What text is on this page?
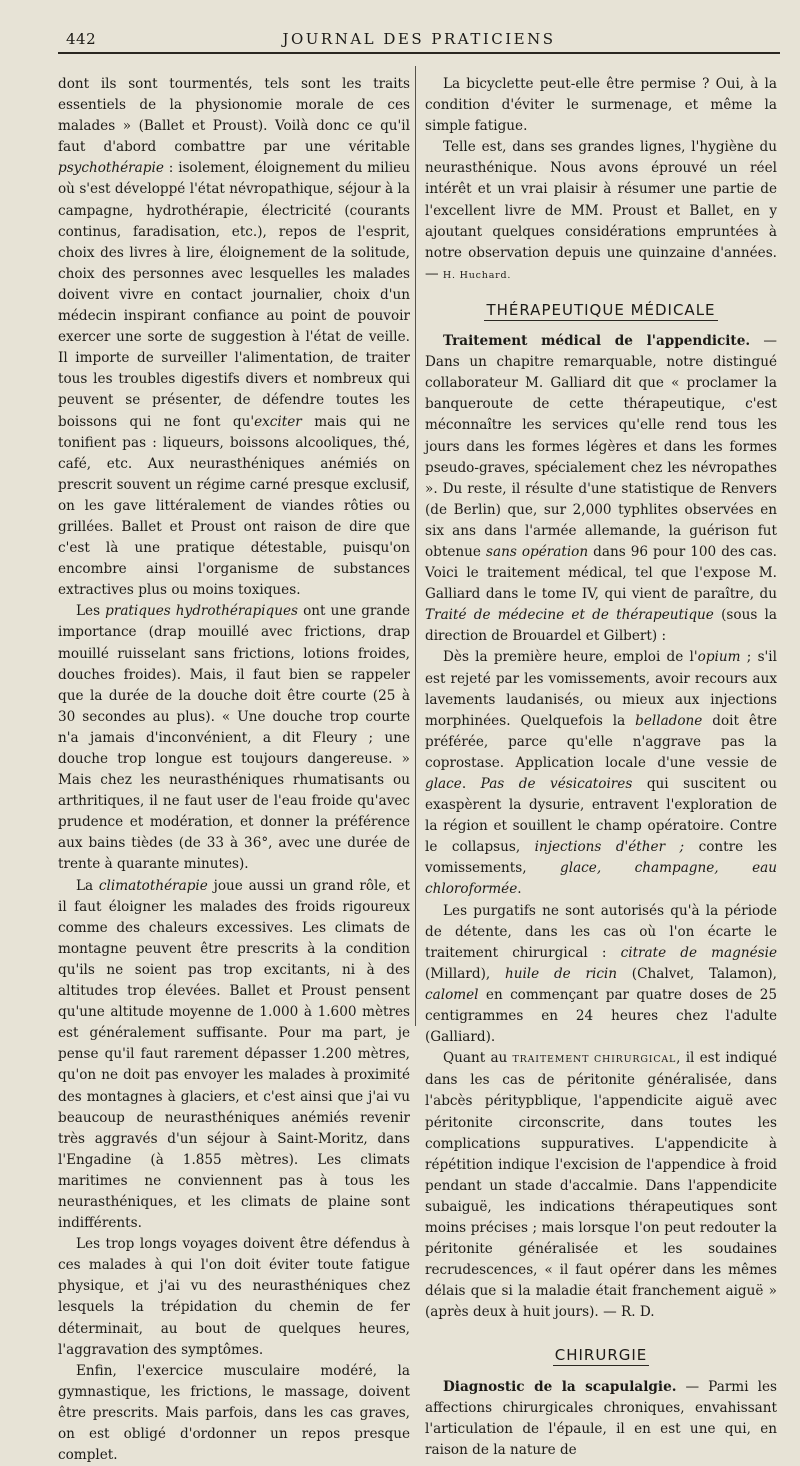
442	JOURNAL DES PRATICIENS

dont ils sont tourmentés, tels sont les traits essentiels de la physionomie morale de ces malades » (Ballet et Proust). Voilà donc ce qu'il faut d'abord combattre par une véritable psychothérapie : isolement, éloignement du milieu où s'est développé l'état névropathique, séjour à la campagne, hydrothérapie, électricité (courants continus, faradisation, etc.), repos de l'esprit, choix des livres à lire, éloignement de la solitude, choix des personnes avec lesquelles les malades doivent vivre en contact journalier, choix d'un médecin inspirant confiance au point de pouvoir exercer une sorte de suggestion à l'état de veille. Il importe de surveiller l'alimentation, de traiter tous les troubles digestifs divers et nombreux qui peuvent se présenter, de défendre toutes les boissons qui ne font qu'exciter mais qui ne tonifient pas : liqueurs, boissons alcooliques, thé, café, etc. Aux neurasthéniques anémiés on prescrit souvent un régime carné presque exclusif, on les gave littéralement de viandes rôties ou grillées. Ballet et Proust ont raison de dire que c'est là une pratique détestable, puisqu'on encombre ainsi l'organisme de substances extractives plus ou moins toxiques.

Les pratiques hydrothérapiques ont une grande importance (drap mouillé avec frictions, drap mouillé ruisselant sans frictions, lotions froides, douches froides). Mais, il faut bien se rappeler que la durée de la douche doit être courte (25 à 30 secondes au plus). « Une douche trop courte n'a jamais d'inconvénient, a dit Fleury ; une douche trop longue est toujours dangereuse. » Mais chez les neurasthéniques rhumatisants ou arthritiques, il ne faut user de l'eau froide qu'avec prudence et modération, et donner la préférence aux bains tièdes (de 33 à 36°, avec une durée de trente à quarante minutes).

La climatothérapie joue aussi un grand rôle, et il faut éloigner les malades des froids rigoureux comme des chaleurs excessives. Les climats de montagne peuvent être prescrits à la condition qu'ils ne soient pas trop excitants, ni à des altitudes trop élevées. Ballet et Proust pensent qu'une altitude moyenne de 1.000 à 1.600 mètres est généralement suffisante. Pour ma part, je pense qu'il faut rarement dépasser 1.200 mètres, qu'on ne doit pas envoyer les malades à proximité des montagnes à glaciers, et c'est ainsi que j'ai vu beaucoup de neurasthéniques anémiés revenir très aggravés d'un séjour à Saint-Moritz, dans l'Engadine (à 1.855 mètres). Les climats maritimes ne conviennent pas à tous les neurasthéniques, et les climats de plaine sont indifférents.

Les trop longs voyages doivent être défendus à ces malades à qui l'on doit éviter toute fatigue physique, et j'ai vu des neurasthéniques chez lesquels la trépidation du chemin de fer déterminait, au bout de quelques heures, l'aggravation des symptômes.

Enfin, l'exercice musculaire modéré, la gymnastique, les frictions, le massage, doivent être prescrits. Mais parfois, dans les cas graves, on est obligé d'ordonner un repos presque complet.

La bicyclette peut-elle être permise ? Oui, à la condition d'éviter le surmenage, et même la simple fatigue.

Telle est, dans ses grandes lignes, l'hygiène du neurasthénique. Nous avons éprouvé un réel intérêt et un vrai plaisir à résumer une partie de l'excellent livre de MM. Proust et Ballet, en y ajoutant quelques considérations empruntées à notre observation depuis une quinzaine d'années. — H. Huchard.

THÉRAPEUTIQUE MÉDICALE

Traitement médical de l'appendicite. — Dans un chapitre remarquable, notre distingué collaborateur M. Galliard dit que « proclamer la banqueroute de cette thérapeutique, c'est méconnaître les services qu'elle rend tous les jours dans les formes légères et dans les formes pseudo-graves, spécialement chez les névropathes ». Du reste, il résulte d'une statistique de Renvers (de Berlin) que, sur 2,000 typhlites observées en six ans dans l'armée allemande, la guérison fut obtenue sans opération dans 96 pour 100 des cas. Voici le traitement médical, tel que l'expose M. Galliard dans le tome IV, qui vient de paraître, du Traité de médecine et de thérapeutique (sous la direction de Brouardel et Gilbert) :

Dès la première heure, emploi de l'opium ; s'il est rejeté par les vomissements, avoir recours aux lavements laudanisés, ou mieux aux injections morphinées. Quelquefois la belladone doit être préférée, parce qu'elle n'aggrave pas la coprostase. Application locale d'une vessie de glace. Pas de vésicatoires qui suscitent ou exaspèrent la dysurie, entravent l'exploration de la région et souillent le champ opératoire. Contre le collapsus, injections d'éther ; contre les vomissements, glace, champagne, eau chloroformée.

Les purgatifs ne sont autorisés qu'à la période de détente, dans les cas où l'on écarte le traitement chirurgical : citrate de magnésie (Millard), huile de ricin (Chalvet, Talamon), calomel en commençant par quatre doses de 25 centigrammes en 24 heures chez l'adulte (Galliard).

Quant au TRAITEMENT CHIRURGICAL, il est indiqué dans les cas de péritonite généralisée, dans l'abcès péritypblique, l'appendicite aiguë avec péritonite circonscrite, dans toutes les complications suppuratives. L'appendicite à répétition indique l'excision de l'appendice à froid pendant un stade d'accalmie. Dans l'appendicite subaiguë, les indications thérapeutiques sont moins précises ; mais lorsque l'on peut redouter la péritonite généralisée et les soudaines recrudescences, « il faut opérer dans les mêmes délais que si la maladie était franchement aiguë » (après deux à huit jours). — R. D.

CHIRURGIE

Diagnostic de la scapulalgie. — Parmi les affections chirurgicales chroniques, envahissant l'articulation de l'épaule, il en est une qui, en raison de la nature de
